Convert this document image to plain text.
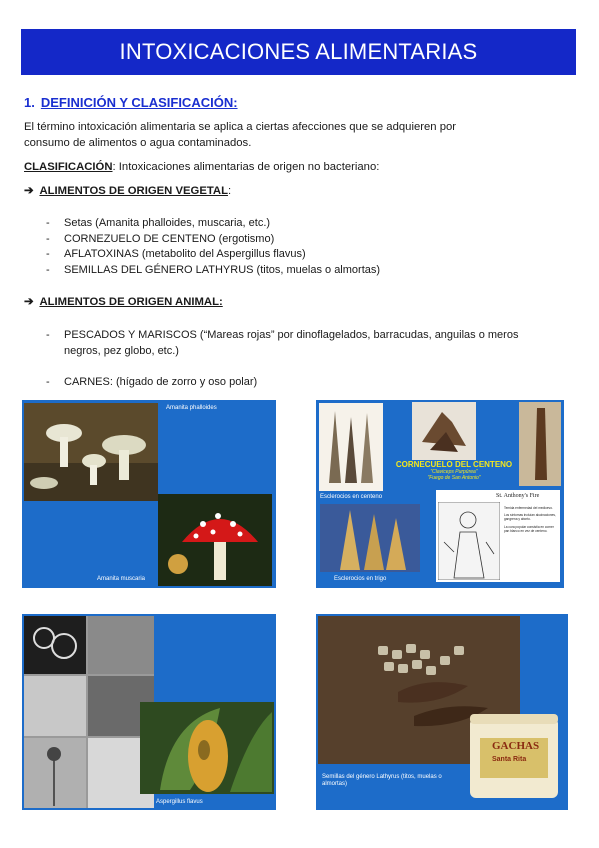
INTOXICACIONES ALIMENTARIAS
1. DEFINICIÓN Y CLASIFICACIÓN:
El término intoxicación alimentaria se aplica a ciertas afecciones que se adquieren por consumo de alimentos o agua contaminados.
CLASIFICACIÓN: Intoxicaciones alimentarias de origen no bacteriano:
➔ ALIMENTOS DE ORIGEN VEGETAL:
- Setas (Amanita phalloides, muscaria, etc.)
- CORNEZUELO DE CENTENO (ergotismo)
- AFLATOXINAS (metabolito del Aspergillus flavus)
- SEMILLAS DEL GÉNERO LATHYRUS (titos, muelas o almortas)
➔ ALIMENTOS DE ORIGEN ANIMAL:
- PESCADOS Y MARISCOS (“Mareas rojas” por dinoflagelados, barracudas, anguilas o meros negros, pez globo, etc.)
- CARNES: (hígado de zorro y oso polar)
Amanita phalloides
Amanita muscaria
Esclerocios en centeno
CORNECUELO DEL CENTENO
"Claviceps Purpúrea"
"Fuego de San Antonio"
Esclerocios en trigo
St. Anthony's Fire
Temida enfermedad del medioevo.
Los síntomas incluían alucinaciones, gangrena y aborto.
La cura popular consistía en comer pan blanco en vez de centeno.
Aspergillus flavus
Semillas del género Lathyrus (titos, muelas o almortas)
GACHAS
Santa Rita
